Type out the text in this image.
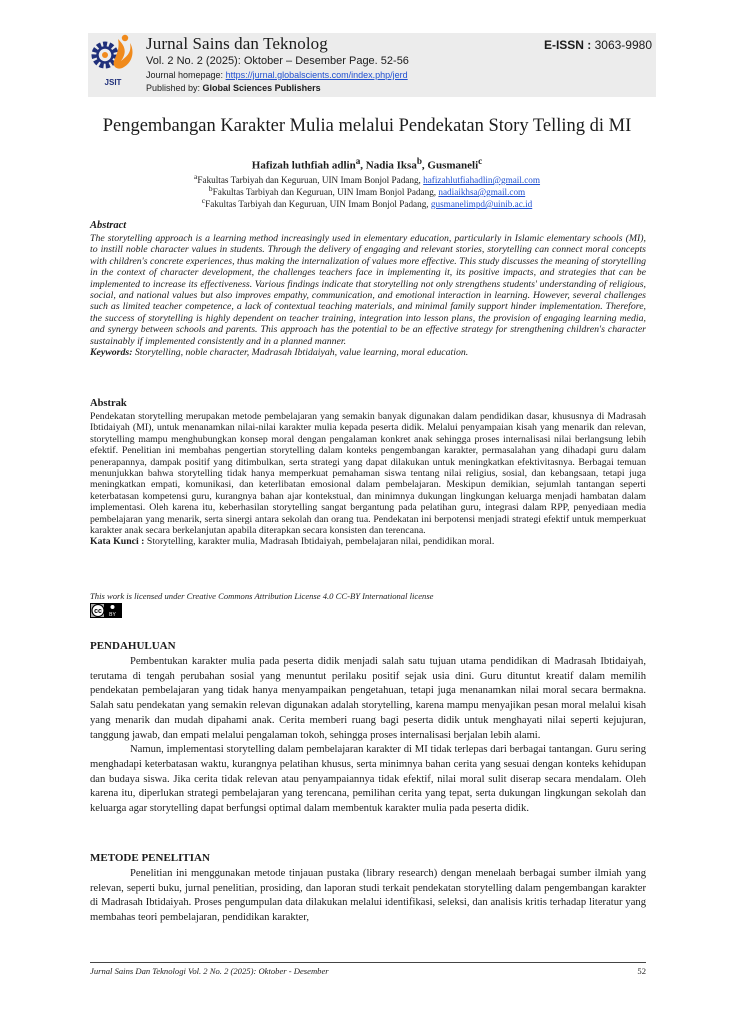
JSIT
Jurnal Sains dan Teknolog
Vol. 2 No. 2 (2025): Oktober – Desember Page. 52-56
Journal homepage: https://jurnal.globalscients.com/index.php/jerd
Published by: Global Sciences Publishers
E-ISSN : 3063-9980
Pengembangan Karakter Mulia melalui Pendekatan Story Telling di MI
Hafizah luthfiah adlin$^a$, Nadia Iksa$^b$, Gusmaneli$^c$
$^a$Fakultas Tarbiyah dan Keguruan, UIN Imam Bonjol Padang, hafizahlutfiahadlin@gmail.com
$^b$Fakultas Tarbiyah dan Keguruan, UIN Imam Bonjol Padang, nadiaikhsa@gmail.com
$^c$Fakultas Tarbiyah dan Keguruan, UIN Imam Bonjol Padang, gusmanelimpd@uinib.ac.id
Abstract
The storytelling approach is a learning method increasingly used in elementary education, particularly in Islamic elementary schools (MI), to instill noble character values in students. Through the delivery of engaging and relevant stories, storytelling can connect moral concepts with children's concrete experiences, thus making the internalization of values more effective. This study discusses the meaning of storytelling in the context of character development, the challenges teachers face in implementing it, its positive impacts, and strategies that can be implemented to increase its effectiveness. Various findings indicate that storytelling not only strengthens students' understanding of religious, social, and national values but also improves empathy, communication, and emotional interaction in learning. However, several challenges such as limited teacher competence, a lack of contextual teaching materials, and minimal family support hinder implementation. Therefore, the success of storytelling is highly dependent on teacher training, integration into lesson plans, the provision of engaging learning media, and synergy between schools and parents. This approach has the potential to be an effective strategy for strengthening children's character sustainably if implemented consistently and in a planned manner.
Keywords: Storytelling, noble character, Madrasah Ibtidaiyah, value learning, moral education.
Abstrak
Pendekatan storytelling merupakan metode pembelajaran yang semakin banyak digunakan dalam pendidikan dasar, khususnya di Madrasah Ibtidaiyah (MI), untuk menanamkan nilai-nilai karakter mulia kepada peserta didik. Melalui penyampaian kisah yang menarik dan relevan, storytelling mampu menghubungkan konsep moral dengan pengalaman konkret anak sehingga proses internalisasi nilai berlangsung lebih efektif. Penelitian ini membahas pengertian storytelling dalam konteks pengembangan karakter, permasalahan yang dihadapi guru dalam penerapannya, dampak positif yang ditimbulkan, serta strategi yang dapat dilakukan untuk meningkatkan efektivitasnya. Berbagai temuan menunjukkan bahwa storytelling tidak hanya memperkuat pemahaman siswa tentang nilai religius, sosial, dan kebangsaan, tetapi juga meningkatkan empati, komunikasi, dan keterlibatan emosional dalam pembelajaran. Meskipun demikian, sejumlah tantangan seperti keterbatasan kompetensi guru, kurangnya bahan ajar kontekstual, dan minimnya dukungan lingkungan keluarga menjadi hambatan dalam implementasi. Oleh karena itu, keberhasilan storytelling sangat bergantung pada pelatihan guru, integrasi dalam RPP, penyediaan media pembelajaran yang menarik, serta sinergi antara sekolah dan orang tua. Pendekatan ini berpotensi menjadi strategi efektif untuk memperkuat karakter anak secara berkelanjutan apabila diterapkan secara konsisten dan terencana.
Kata Kunci : Storytelling, karakter mulia, Madrasah Ibtidaiyah, pembelajaran nilai, pendidikan moral.
This work is licensed under Creative Commons Attribution License 4.0 CC-BY International license
cc BY
PENDAHULUAN

Pembentukan karakter mulia pada peserta didik menjadi salah satu tujuan utama pendidikan di Madrasah Ibtidaiyah, terutama di tengah perubahan sosial yang menuntut perilaku positif sejak usia dini. Guru dituntut kreatif dalam memilih pendekatan pembelajaran yang tidak hanya menyampaikan pengetahuan, tetapi juga menanamkan nilai moral secara bermakna. Salah satu pendekatan yang semakin relevan digunakan adalah storytelling, karena mampu menyajikan pesan moral melalui kisah yang menarik dan mudah dipahami anak. Cerita memberi ruang bagi peserta didik untuk menghayati nilai seperti kejujuran, tanggung jawab, dan empati melalui pengalaman tokoh, sehingga proses internalisasi berjalan lebih alami.

Namun, implementasi storytelling dalam pembelajaran karakter di MI tidak terlepas dari berbagai tantangan. Guru sering menghadapi keterbatasan waktu, kurangnya pelatihan khusus, serta minimnya bahan cerita yang sesuai dengan konteks kehidupan dan budaya siswa. Jika cerita tidak relevan atau penyampaiannya tidak efektif, nilai moral sulit diserap secara mendalam. Oleh karena itu, diperlukan strategi pembelajaran yang terencana, pemilihan cerita yang tepat, serta dukungan lingkungan sekolah dan keluarga agar storytelling dapat berfungsi optimal dalam membentuk karakter mulia pada peserta didik.

METODE PENELITIAN

Penelitian ini menggunakan metode tinjauan pustaka (library research) dengan menelaah berbagai sumber ilmiah yang relevan, seperti buku, jurnal penelitian, prosiding, dan laporan studi terkait pendekatan storytelling dalam pengembangan karakter di Madrasah Ibtidaiyah. Proses pengumpulan data dilakukan melalui identifikasi, seleksi, dan analisis kritis terhadap literatur yang membahas teori pembelajaran, pendidikan karakter,

Jurnal Sains Dan Teknologi Vol. 2 No. 2 (2025): Oktober - Desember	52
